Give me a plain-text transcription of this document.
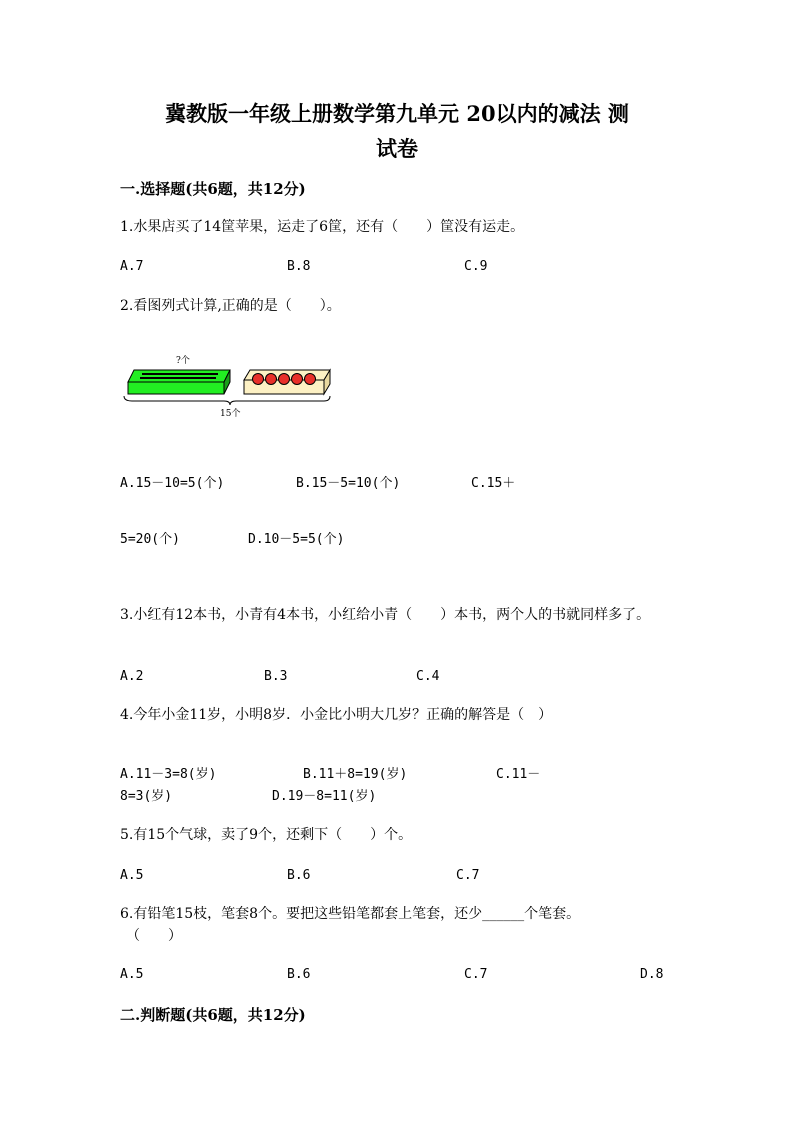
冀教版一年级上册数学第九单元 20以内的减法 测
试卷
一.选择题(共6题，共12分)
1.水果店买了14筐苹果，运走了6筐，还有（　　）筐没有运走。
A.7	B.8	C.9
2.看图列式计算,正确的是（　　）。
?个
15个
A.15－10=5(个)	B.15－5=10(个)	C.15＋
5=20(个)	D.10－5=5(个)
3.小红有12本书，小青有4本书，小红给小青（　　）本书，两个人的书就同样多了。
A.2	B.3	C.4
4.今年小金11岁，小明8岁．小金比小明大几岁？正确的解答是（　）
A.11－3=8(岁)	B.11＋8=19(岁)	C.11－
8=3(岁)	D.19－8=11(岁)
5.有15个气球，卖了9个，还剩下（　　）个。
A.5	B.6	C.7
6.有铅笔15枝，笔套8个。要把这些铅笔都套上笔套，还少______个笔套。
（　　）
A.5	B.6	C.7	D.8
二.判断题(共6题，共12分)
